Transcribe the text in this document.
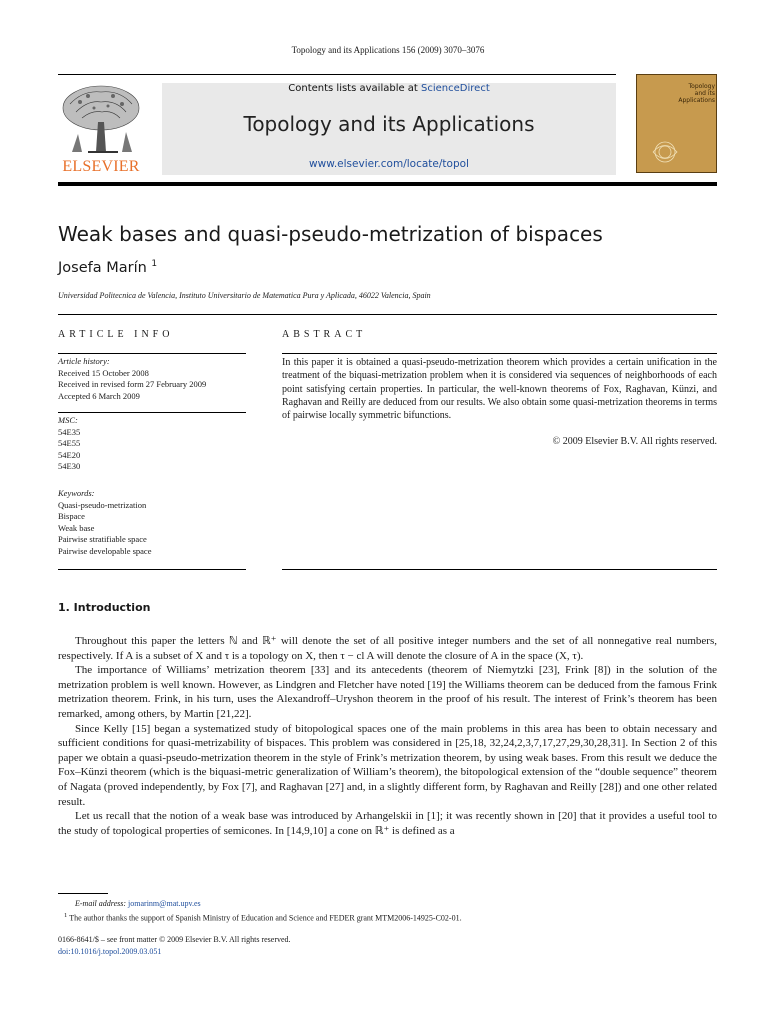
Topology and its Applications 156 (2009) 3070–3076
ELSEVIER
Contents lists available at ScienceDirect
Topology and its Applications
www.elsevier.com/locate/topol
Topology
and its
Applications
Weak bases and quasi-pseudo-metrization of bispaces
Josefa Marín $^1$
Universidad Politecnica de Valencia, Instituto Universitario de Matematica Pura y Aplicada, 46022 Valencia, Spain
ARTICLE INFO
Article history:
Received 15 October 2008
Received in revised form 27 February 2009
Accepted 6 March 2009
MSC:
54E35
54E55
54E20
54E30
Keywords:
Quasi-pseudo-metrization
Bispace
Weak base
Pairwise stratifiable space
Pairwise developable space
ABSTRACT
In this paper it is obtained a quasi-pseudo-metrization theorem which provides a certain unification in the treatment of the biquasi-metrization problem when it is considered via sequences of neighborhoods of each point satisfying certain properties. In particular, the well-known theorems of Fox, Raghavan, Künzi, and Raghavan and Reilly are deduced from our results. We also obtain some quasi-metrization theorems in terms of pairwise locally symmetric bifunctions.
© 2009 Elsevier B.V. All rights reserved.
1. Introduction

Throughout this paper the letters ℕ and ℝ⁺ will denote the set of all positive integer numbers and the set of all nonnegative real numbers, respectively. If A is a subset of X and τ is a topology on X, then τ − cl A will denote the closure of A in the space (X, τ).

The importance of Williams’ metrization theorem [33] and its antecedents (theorem of Niemytzki [23], Frink [8]) in the solution of the metrization problem is well known. However, as Lindgren and Fletcher have noted [19] the Williams theorem can be deduced from the famous Frink metrization theorem. Frink, in his turn, uses the Alexandroff–Uryshon theorem in the proof of his result. The interest of Frink’s theorem has been remarked, among others, by Martin [21,22].

Since Kelly [15] began a systematized study of bitopological spaces one of the main problems in this area has been to obtain necessary and sufficient conditions for quasi-metrizability of bispaces. This problem was considered in [25,18, 32,24,2,3,7,17,27,29,30,28,31]. In Section 2 of this paper we obtain a quasi-pseudo-metrization theorem in the style of Frink’s metrization theorem, by using weak bases. From this result we deduce the Fox–Künzi theorem (which is the biquasi-metric generalization of William’s theorem), the bitopological extension of the “double sequence” theorem of Nagata (proved independently, by Fox [7], and Raghavan [27] and, in a slightly different form, by Raghavan and Reilly [28]) and one other related result.

Let us recall that the notion of a weak base was introduced by Arhangelskii in [1]; it was recently shown in [20] that it provides a useful tool to the study of topological properties of semicones. In [14,9,10] a cone on ℝ⁺ is defined as a

E-mail address: jomarinm@mat.upv.es
$^1$ The author thanks the support of Spanish Ministry of Education and Science and FEDER grant MTM2006-14925-C02-01.
0166-8641/$ – see front matter © 2009 Elsevier B.V. All rights reserved.
doi:10.1016/j.topol.2009.03.051
